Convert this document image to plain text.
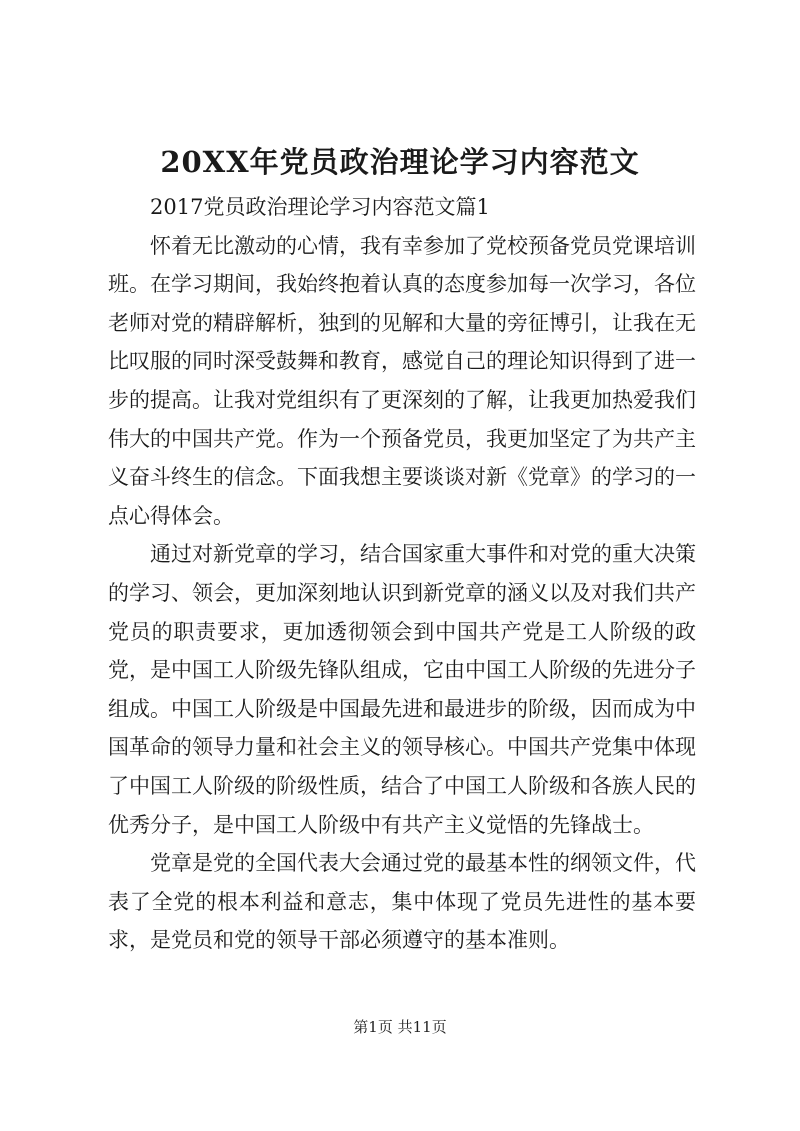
20XX年党员政治理论学习内容范文

2017党员政治理论学习内容范文篇1

怀着无比激动的心情，我有幸参加了党校预备党员党课培训班。在学习期间，我始终抱着认真的态度参加每一次学习，各位老师对党的精辟解析，独到的见解和大量的旁征博引，让我在无比叹服的同时深受鼓舞和教育，感觉自己的理论知识得到了进一步的提高。让我对党组织有了更深刻的了解，让我更加热爱我们伟大的中国共产党。作为一个预备党员，我更加坚定了为共产主义奋斗终生的信念。下面我想主要谈谈对新《党章》的学习的一点心得体会。

通过对新党章的学习，结合国家重大事件和对党的重大决策的学习、领会，更加深刻地认识到新党章的涵义以及对我们共产党员的职责要求，更加透彻领会到中国共产党是工人阶级的政党，是中国工人阶级先锋队组成，它由中国工人阶级的先进分子组成。中国工人阶级是中国最先进和最进步的阶级，因而成为中国革命的领导力量和社会主义的领导核心。中国共产党集中体现了中国工人阶级的阶级性质，结合了中国工人阶级和各族人民的优秀分子，是中国工人阶级中有共产主义觉悟的先锋战士。

党章是党的全国代表大会通过党的最基本性的纲领文件，代表了全党的根本利益和意志，集中体现了党员先进性的基本要求，是党员和党的领导干部必须遵守的基本准则。

第1页 共11页
